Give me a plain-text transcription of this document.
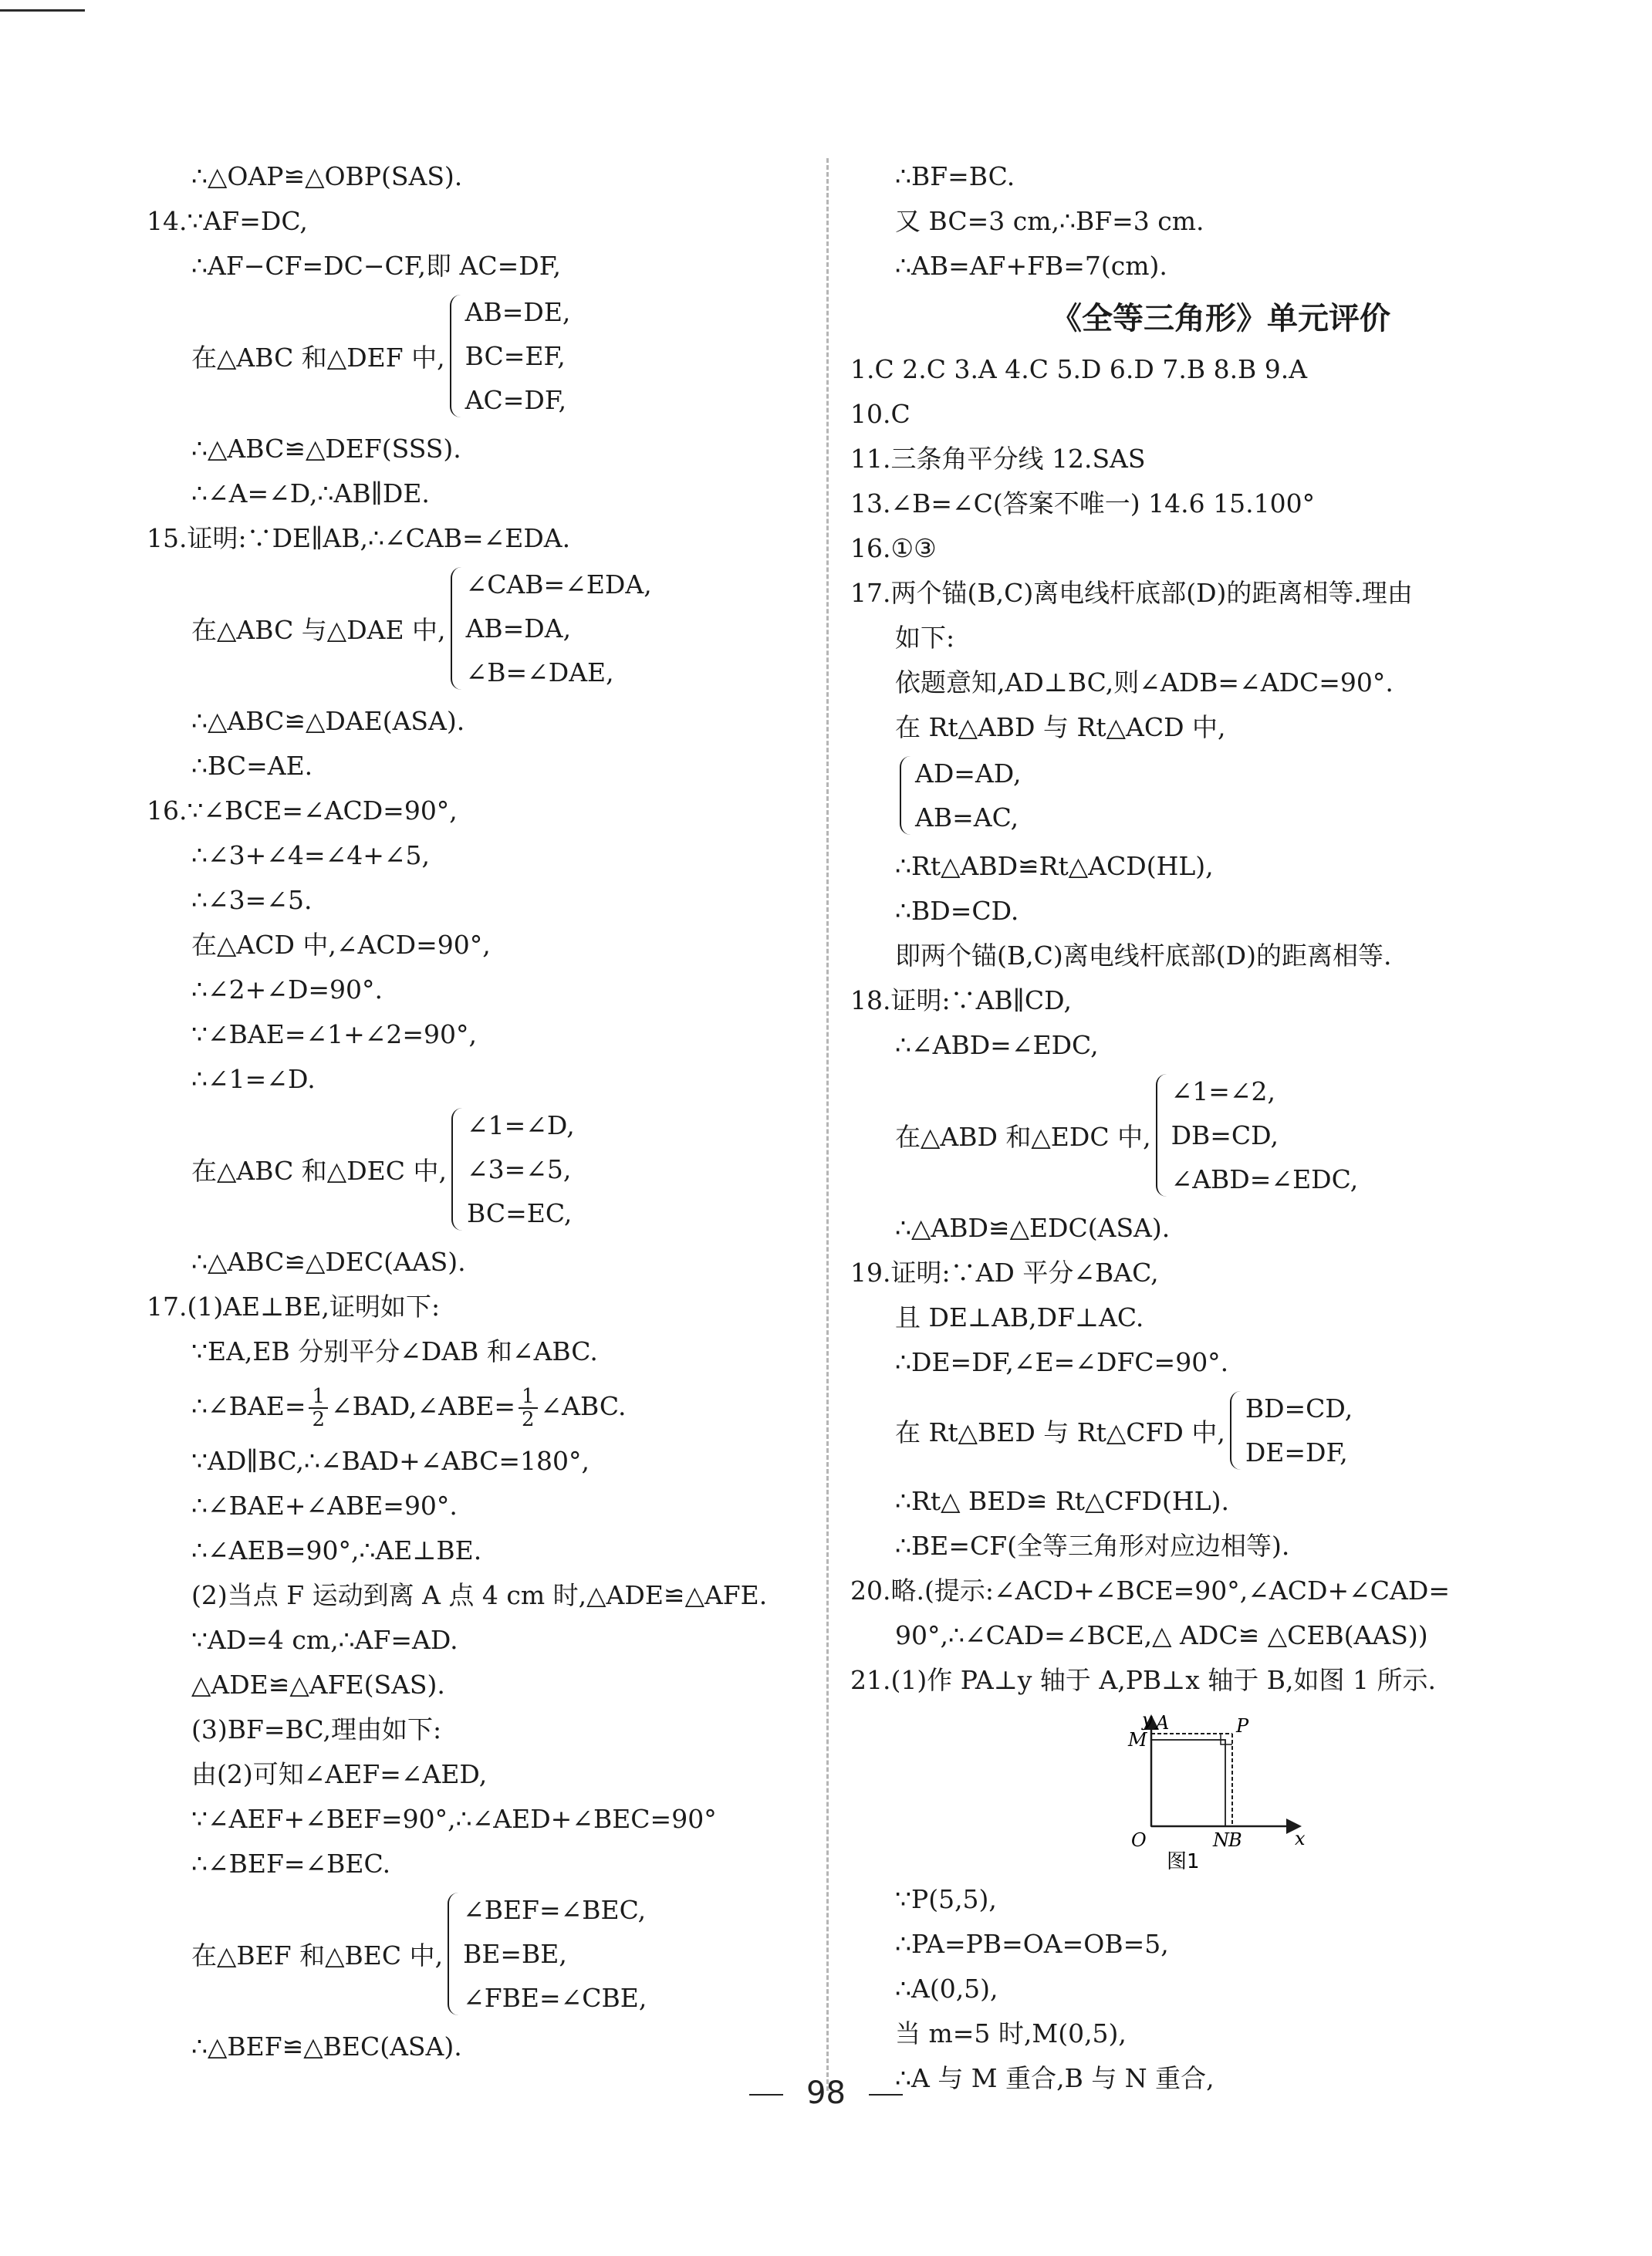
∴△OAP≌△OBP(SAS).
14.∵AF=DC,
∴AF−CF=DC−CF,即 AC=DF,
在△ABC 和△DEF 中,
AB=DE,
BC=EF,
AC=DF,
∴△ABC≌△DEF(SSS).
∴∠A=∠D,∴AB∥DE.
15.证明:∵DE∥AB,∴∠CAB=∠EDA.
在△ABC 与△DAE 中,
∠CAB=∠EDA,
AB=DA,
∠B=∠DAE,
∴△ABC≌△DAE(ASA).
∴BC=AE.
16.∵∠BCE=∠ACD=90°,
∴∠3+∠4=∠4+∠5,
∴∠3=∠5.
在△ACD 中,∠ACD=90°,
∴∠2+∠D=90°.
∵∠BAE=∠1+∠2=90°,
∴∠1=∠D.
在△ABC 和△DEC 中,
∠1=∠D,
∠3=∠5,
BC=EC,
∴△ABC≌△DEC(AAS).
17.(1)AE⊥BE,证明如下:
∵EA,EB 分别平分∠DAB 和∠ABC.
∴∠BAE= $\frac{1}{2}$ ∠BAD,∠ABE= $\frac{1}{2}$ ∠ABC.
∵AD∥BC,∴∠BAD+∠ABC=180°,
∴∠BAE+∠ABE=90°.
∴∠AEB=90°,∴AE⊥BE.
(2)当点 F 运动到离 A 点 4 cm 时,△ADE≌△AFE.
∵AD=4 cm,∴AF=AD.
△ADE≌△AFE(SAS).
(3)BF=BC,理由如下:
由(2)可知∠AEF=∠AED,
∵∠AEF+∠BEF=90°,∴∠AED+∠BEC=90°
∴∠BEF=∠BEC.
在△BEF 和△BEC 中,
∠BEF=∠BEC,
BE=BE,
∠FBE=∠CBE,
∴△BEF≌△BEC(ASA).
∴BF=BC.
又 BC=3 cm,∴BF=3 cm.
∴AB=AF+FB=7(cm).
《全等三角形》单元评价
1.C 2.C 3.A 4.C 5.D 6.D 7.B 8.B 9.A
10.C
11.三条角平分线 12.SAS
13.∠B=∠C(答案不唯一) 14.6 15.100°
16.①③
17.两个锚(B,C)离电线杆底部(D)的距离相等.理由
如下:
依题意知,AD⊥BC,则∠ADB=∠ADC=90°.
在 Rt△ABD 与 Rt△ACD 中,
AD=AD,
AB=AC,
∴Rt△ABD≌Rt△ACD(HL),
∴BD=CD.
即两个锚(B,C)离电线杆底部(D)的距离相等.
18.证明:∵AB∥CD,
∴∠ABD=∠EDC,
在△ABD 和△EDC 中,
∠1=∠2,
DB=CD,
∠ABD=∠EDC,
∴△ABD≌△EDC(ASA).
19.证明:∵AD 平分∠BAC,
且 DE⊥AB,DF⊥AC.
∴DE=DF,∠E=∠DFC=90°.
在 Rt△BED 与 Rt△CFD 中,
BD=CD,
DE=DF,
∴Rt△ BED≌ Rt△CFD(HL).
∴BE=CF(全等三角形对应边相等).
20.略.(提示:∠ACD+∠BCE=90°,∠ACD+∠CAD=
90°,∴∠CAD=∠BCE,△ ADC≌ △CEB(AAS))
21.(1)作 PA⊥y 轴于 A,PB⊥x 轴于 B,如图 1 所示.
y A
M
P
O	N B	x
图1
∵P(5,5),
∴PA=PB=OA=OB=5,
∴A(0,5),
当 m=5 时,M(0,5),
∴A 与 M 重合,B 与 N 重合,
98
